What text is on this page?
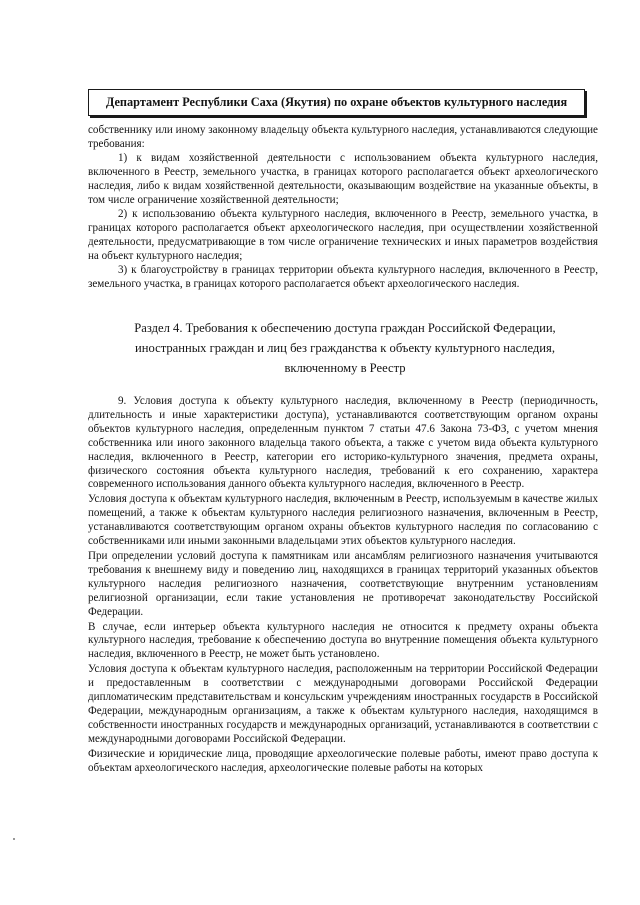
Департамент Республики Саха (Якутия) по охране объектов культурного наследия

собственнику или иному законному владельцу объекта культурного наследия, устанавливаются следующие требования:

1) к видам хозяйственной деятельности с использованием объекта культурного наследия, включенного в Реестр, земельного участка, в границах которого располагается объект археологического наследия, либо к видам хозяйственной деятельности, оказывающим воздействие на указанные объекты, в том числе ограничение хозяйственной деятельности;

2) к использованию объекта культурного наследия, включенного в Реестр, земельного участка, в границах которого располагается объект археологического наследия, при осуществлении хозяйственной деятельности, предусматривающие в том числе ограничение технических и иных параметров воздействия на объект культурного наследия;

3) к благоустройству в границах территории объекта культурного наследия, включенного в Реестр, земельного участка, в границах которого располагается объект археологического наследия.

Раздел 4. Требования к обеспечению доступа граждан Российской Федерации, иностранных граждан и лиц без гражданства к объекту культурного наследия, включенному в Реестр

9. Условия доступа к объекту культурного наследия, включенному в Реестр (периодичность, длительность и иные характеристики доступа), устанавливаются соответствующим органом охраны объектов культурного наследия, определенным пунктом 7 статьи 47.6 Закона 73-ФЗ, с учетом мнения собственника или иного законного владельца такого объекта, а также с учетом вида объекта культурного наследия, включенного в Реестр, категории его историко-культурного значения, предмета охраны, физического состояния объекта культурного наследия, требований к его сохранению, характера современного использования данного объекта культурного наследия, включенного в Реестр.

Условия доступа к объектам культурного наследия, включенным в Реестр, используемым в качестве жилых помещений, а также к объектам культурного наследия религиозного назначения, включенным в Реестр, устанавливаются соответствующим органом охраны объектов культурного наследия по согласованию с собственниками или иными законными владельцами этих объектов культурного наследия.

При определении условий доступа к памятникам или ансамблям религиозного назначения учитываются требования к внешнему виду и поведению лиц, находящихся в границах территорий указанных объектов культурного наследия религиозного назначения, соответствующие внутренним установлениям религиозной организации, если такие установления не противоречат законодательству Российской Федерации.

В случае, если интерьер объекта культурного наследия не относится к предмету охраны объекта культурного наследия, требование к обеспечению доступа во внутренние помещения объекта культурного наследия, включенного в Реестр, не может быть установлено.

Условия доступа к объектам культурного наследия, расположенным на территории Российской Федерации и предоставленным в соответствии с международными договорами Российской Федерации дипломатическим представительствам и консульским учреждениям иностранных государств в Российской Федерации, международным организациям, а также к объектам культурного наследия, находящимся в собственности иностранных государств и международных организаций, устанавливаются в соответствии с международными договорами Российской Федерации.

Физические и юридические лица, проводящие археологические полевые работы, имеют право доступа к объектам археологического наследия, археологические полевые работы на которых
